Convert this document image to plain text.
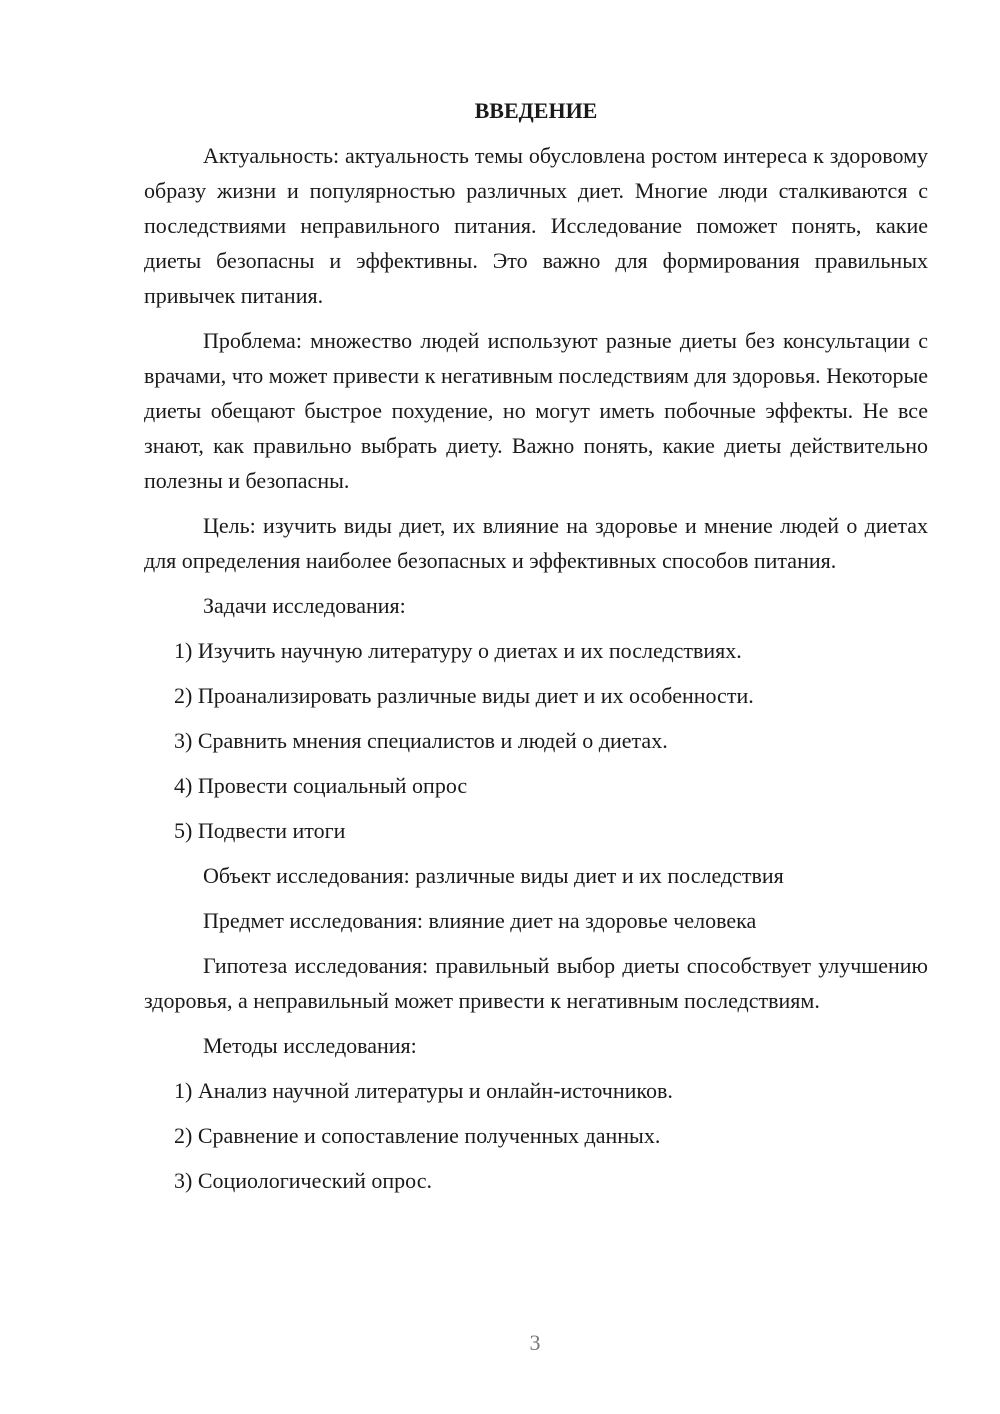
ВВЕДЕНИЕ

Актуальность: актуальность темы обусловлена ростом интереса к здоровому образу жизни и популярностью различных диет. Многие люди сталкиваются с последствиями неправильного питания. Исследование поможет понять, какие диеты безопасны и эффективны. Это важно для формирования правильных привычек питания.

Проблема: множество людей используют разные диеты без консультации с врачами, что может привести к негативным последствиям для здоровья. Некоторые диеты обещают быстрое похудение, но могут иметь побочные эффекты. Не все знают, как правильно выбрать диету. Важно понять, какие диеты действительно полезны и безопасны.

Цель: изучить виды диет, их влияние на здоровье и мнение людей о диетах для определения наиболее безопасных и эффективных способов питания.

Задачи исследования:

1) Изучить научную литературу о диетах и их последствиях.

2) Проанализировать различные виды диет и их особенности.

3) Сравнить мнения специалистов и людей о диетах.

4) Провести социальный опрос

5) Подвести итоги

Объект исследования: различные виды диет и их последствия

Предмет исследования: влияние диет на здоровье человека

Гипотеза исследования: правильный выбор диеты способствует улучшению здоровья, а неправильный может привести к негативным последствиям.

Методы исследования:

1) Анализ научной литературы и онлайн-источников.

2) Сравнение и сопоставление полученных данных.

3) Социологический опрос.

3
